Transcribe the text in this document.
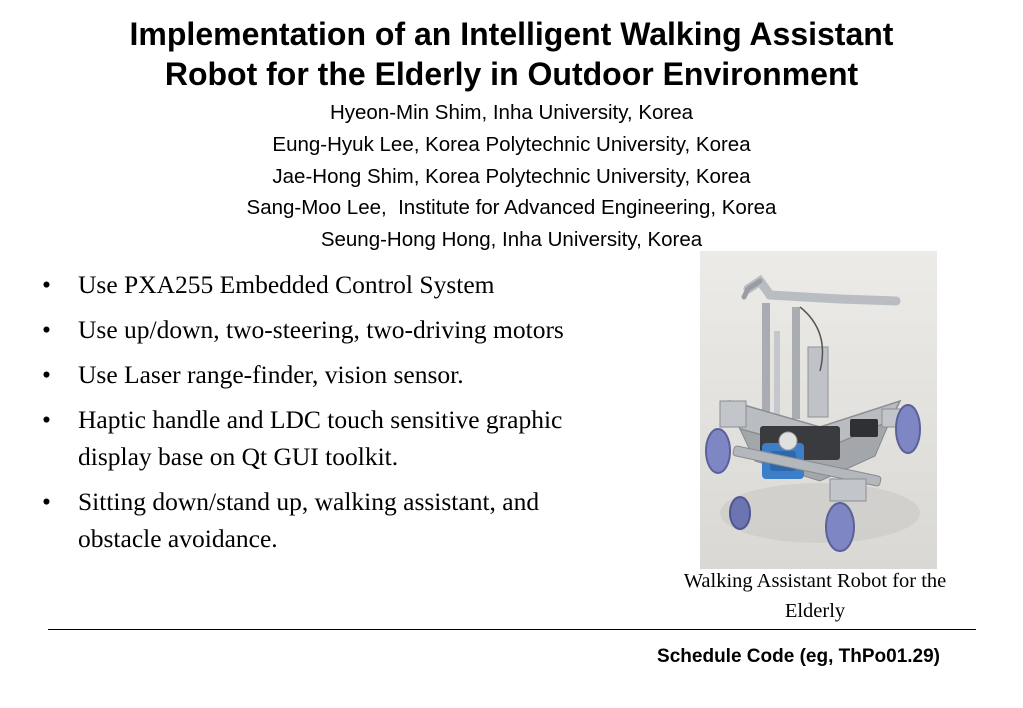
Implementation of an Intelligent Walking Assistant
Robot for the Elderly in Outdoor Environment
Hyeon-Min Shim, Inha University, Korea
Eung-Hyuk Lee, Korea Polytechnic University, Korea
Jae-Hong Shim, Korea Polytechnic University, Korea
Sang-Moo Lee,  Institute for Advanced Engineering, Korea
Seung-Hong Hong, Inha University, Korea
• Use PXA255 Embedded Control System
• Use up/down, two-steering, two-driving motors
• Use Laser range-finder, vision sensor.
• Haptic handle and LDC touch sensitive graphic display base on Qt GUI toolkit.
• Sitting down/stand up, walking assistant, and obstacle avoidance.
Walking Assistant Robot for the Elderly
Schedule Code (eg, ThPo01.29)
